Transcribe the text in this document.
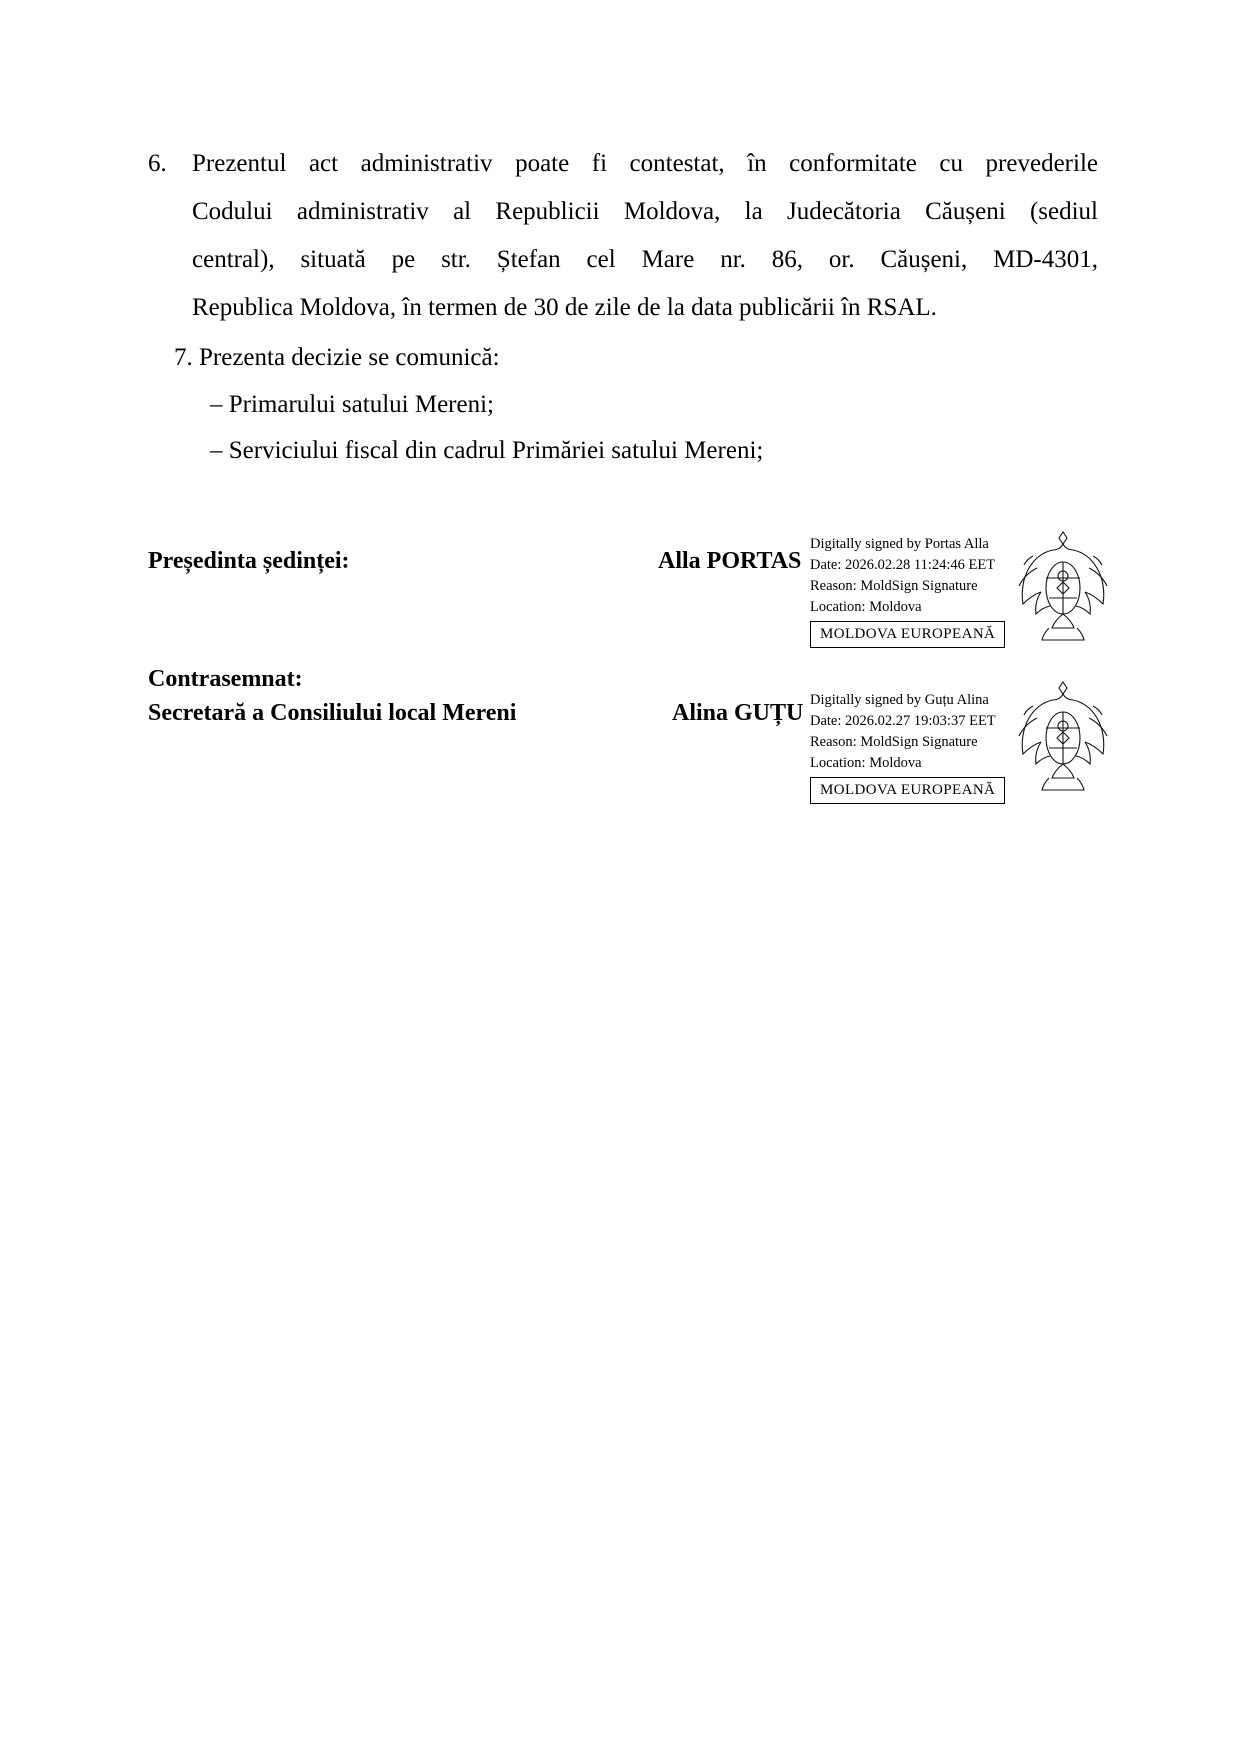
6.	Prezentul act administrativ poate fi contestat, în conformitate cu prevederile
Codului administrativ al Republicii Moldova, la Judecătoria Căușeni (sediul
central), situată pe str. Ștefan cel Mare nr. 86, or. Căușeni, MD-4301,
Republica Moldova, în termen de 30 de zile de la data publicării în RSAL.
7. Prezenta decizie se comunică:
– Primarului satului Mereni;
– Serviciului fiscal din cadrul Primăriei satului Mereni;
Președinta ședinței:	Alla PORTAS
Digitally signed by Portas Alla
Date: 2026.02.28 11:24:46 EET
Reason: MoldSign Signature
Location: Moldova
MOLDOVA EUROPEANĂ
Contrasemnat:
Secretară a Consiliului local Mereni	Alina GUȚU Digitally signed by Guțu Alina
Date: 2026.02.27 19:03:37 EET
Reason: MoldSign Signature
Location: Moldova
MOLDOVA EUROPEANĂ
